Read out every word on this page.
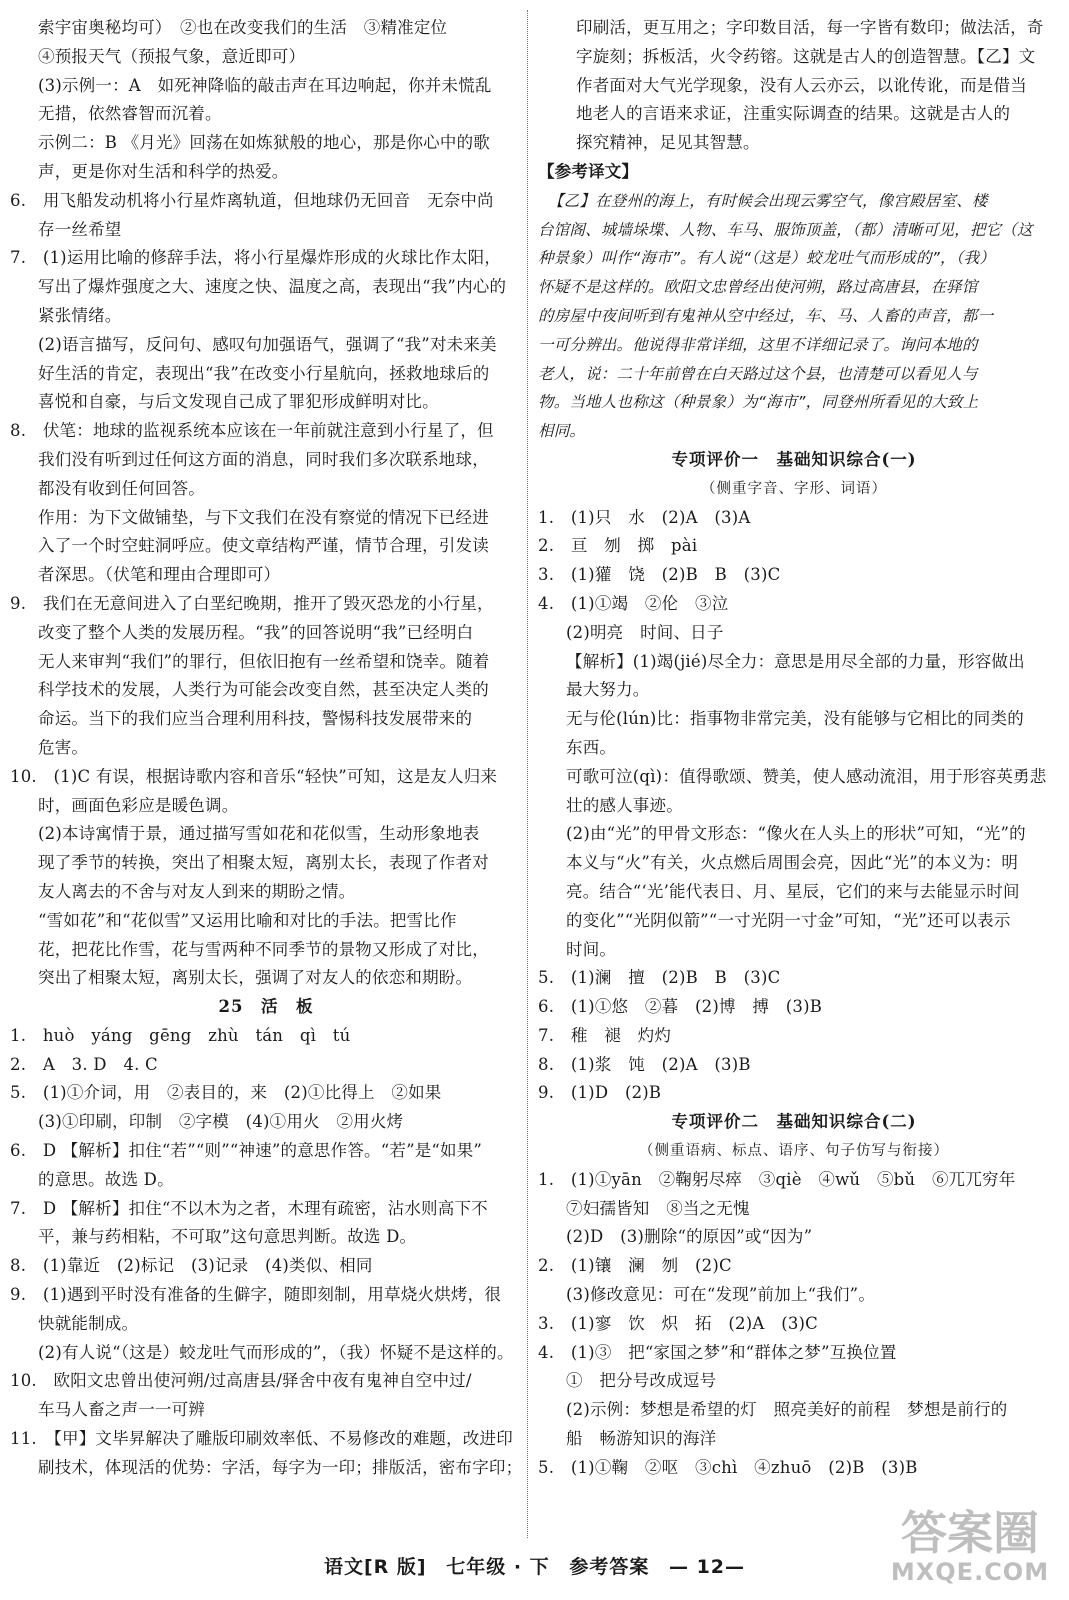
索宇宙奥秘均可）　②也在改变我们的生活　③精准定位
④预报天气（预报气象，意近即可）
(3)示例一：A　如死神降临的敲击声在耳边响起，你并未慌乱
无措，依然睿智而沉着。
示例二：B 《月光》回荡在如炼狱般的地心，那是你心中的歌
声，更是你对生活和科学的热爱。
6.　用飞船发动机将小行星炸离轨道，但地球仍无回音　无奈中尚
存一丝希望
7.　(1)运用比喻的修辞手法，将小行星爆炸形成的火球比作太阳，
写出了爆炸强度之大、速度之快、温度之高，表现出“我”内心的
紧张情绪。
(2)语言描写，反问句、感叹句加强语气，强调了“我”对未来美
好生活的肯定，表现出“我”在改变小行星航向，拯救地球后的
喜悦和自豪，与后文发现自己成了罪犯形成鲜明对比。
8.　伏笔：地球的监视系统本应该在一年前就注意到小行星了，但
我们没有听到过任何这方面的消息，同时我们多次联系地球，
都没有收到任何回答。
作用：为下文做铺垫，与下文我们在没有察觉的情况下已经进
入了一个时空蛀洞呼应。使文章结构严谨，情节合理，引发读
者深思。（伏笔和理由合理即可）
9.　我们在无意间进入了白垩纪晚期，推开了毁灭恐龙的小行星，
改变了整个人类的发展历程。“我”的回答说明“我”已经明白
无人来审判“我们”的罪行，但依旧抱有一丝希望和饶幸。随着
科学技术的发展，人类行为可能会改变自然，甚至决定人类的
命运。当下的我们应当合理利用科技，警惕科技发展带来的
危害。
10.　(1)C 有误，根据诗歌内容和音乐“轻快”可知，这是友人归来
时，画面色彩应是暖色调。
(2)本诗寓情于景，通过描写雪如花和花似雪，生动形象地表
现了季节的转换，突出了相聚太短，离别太长，表现了作者对
友人离去的不舍与对友人到来的期盼之情。
“雪如花”和“花似雪”又运用比喻和对比的手法。把雪比作
花，把花比作雪，花与雪两种不同季节的景物又形成了对比，
突出了相聚太短，离别太长，强调了对友人的依恋和期盼。
25　活　板
1.　huò　yáng　gēng　zhù　tán　qì　tú
2.　A　3. D　4. C
5.　(1)①介词，用　②表目的，来　(2)①比得上　②如果
(3)①印刷，印制　②字模　(4)①用火　②用火烤
6.　D 【解析】扣住“若”“则”“神速”的意思作答。“若”是“如果”
的意思。故选 D。
7.　D 【解析】扣住“不以木为之者，木理有疏密，沾水则高下不
平，兼与药相粘，不可取”这句意思判断。故选 D。
8.　(1)靠近　(2)标记　(3)记录　(4)类似、相同
9.　(1)遇到平时没有准备的生僻字，随即刻制，用草烧火烘烤，很
快就能制成。
(2)有人说“（这是）蛟龙吐气而形成的”，（我）怀疑不是这样的。
10.　欧阳文忠曾出使河朔/过高唐县/驿舍中夜有鬼神自空中过/
车马人畜之声一一可辨
11.　【甲】文毕昇解决了雕版印刷效率低、不易修改的难题，改进印
刷技术，体现活的优势：字活，每字为一印；排版活，密布字印；
印刷活，更互用之；字印数目活，每一字皆有数印；做法活，奇
字旋刻；拆板活，火令药镕。这就是古人的创造智慧。【乙】文
作者面对大气光学现象，没有人云亦云，以讹传讹，而是借当
地老人的言语来求证，注重实际调查的结果。这就是古人的
探究精神，足见其智慧。
【参考译文】
【乙】在登州的海上，有时候会出现云雾空气，像宫殿居室、楼
台馆阁、城墙垛堞、人物、车马、服饰顶盖，（都）清晰可见，把它（这
种景象）叫作“海市”。有人说“（这是）蛟龙吐气而形成的”，（我）
怀疑不是这样的。欧阳文忠曾经出使河朔，路过高唐县，在驿馆
的房屋中夜间听到有鬼神从空中经过，车、马、人畜的声音，都一
一可分辨出。他说得非常详细，这里不详细记录了。询问本地的
老人，说：二十年前曾在白天路过这个县，也清楚可以看见人与
物。当地人也称这（种景象）为“海市”，同登州所看见的大致上
相同。
专项评价一　基础知识综合(一)
（侧重字音、字形、词语）
1.　(1)只　水　(2)A　(3)A
2.　亘　刎　掷　pài
3.　(1)獾　饶　(2)B　B　(3)C
4.　(1)①竭　②伦　③泣
(2)明亮　时间、日子
【解析】(1)竭(jié)尽全力：意思是用尽全部的力量，形容做出
最大努力。
无与伦(lún)比：指事物非常完美，没有能够与它相比的同类的
东西。
可歌可泣(qì)：值得歌颂、赞美，使人感动流泪，用于形容英勇悲
壮的感人事迹。
(2)由“光”的甲骨文形态：“像火在人头上的形状”可知，“光”的
本义与“火”有关，火点燃后周围会亮，因此“光”的本义为：明
亮。结合“‘光’能代表日、月、星辰，它们的来与去能显示时间
的变化”“光阴似箭”“一寸光阴一寸金”可知，“光”还可以表示
时间。
5.　(1)澜　擅　(2)B　B　(3)C
6.　(1)①悠　②暮　(2)博　搏　(3)B
7.　稚　褪　灼灼
8.　(1)浆　饨　(2)A　(3)B
9.　(1)D　(2)B
专项评价二　基础知识综合(二)
（侧重语病、标点、语序、句子仿写与衔接）
1.　(1)①yān　②鞠躬尽瘁　③qiè　④wǔ　⑤bǔ　⑥兀兀穷年
⑦妇孺皆知　⑧当之无愧
(2)D　(3)删除“的原因”或“因为”
2.　(1)镶　澜　刎　(2)C
(3)修改意见：可在“发现”前加上“我们”。
3.　(1)寥　饮　炽　拓　(2)A　(3)C
4.　(1)③　把“家国之梦”和“群体之梦”互换位置
①　把分号改成逗号
(2)示例：梦想是希望的灯　照亮美好的前程　梦想是前行的
船　畅游知识的海洋
5.　(1)①鞠　②呕　③chì　④zhuō　(2)B　(3)B
语文[R 版] 七年级 · 下 参考答案 — 12—
答案圈
MXQE.COM
